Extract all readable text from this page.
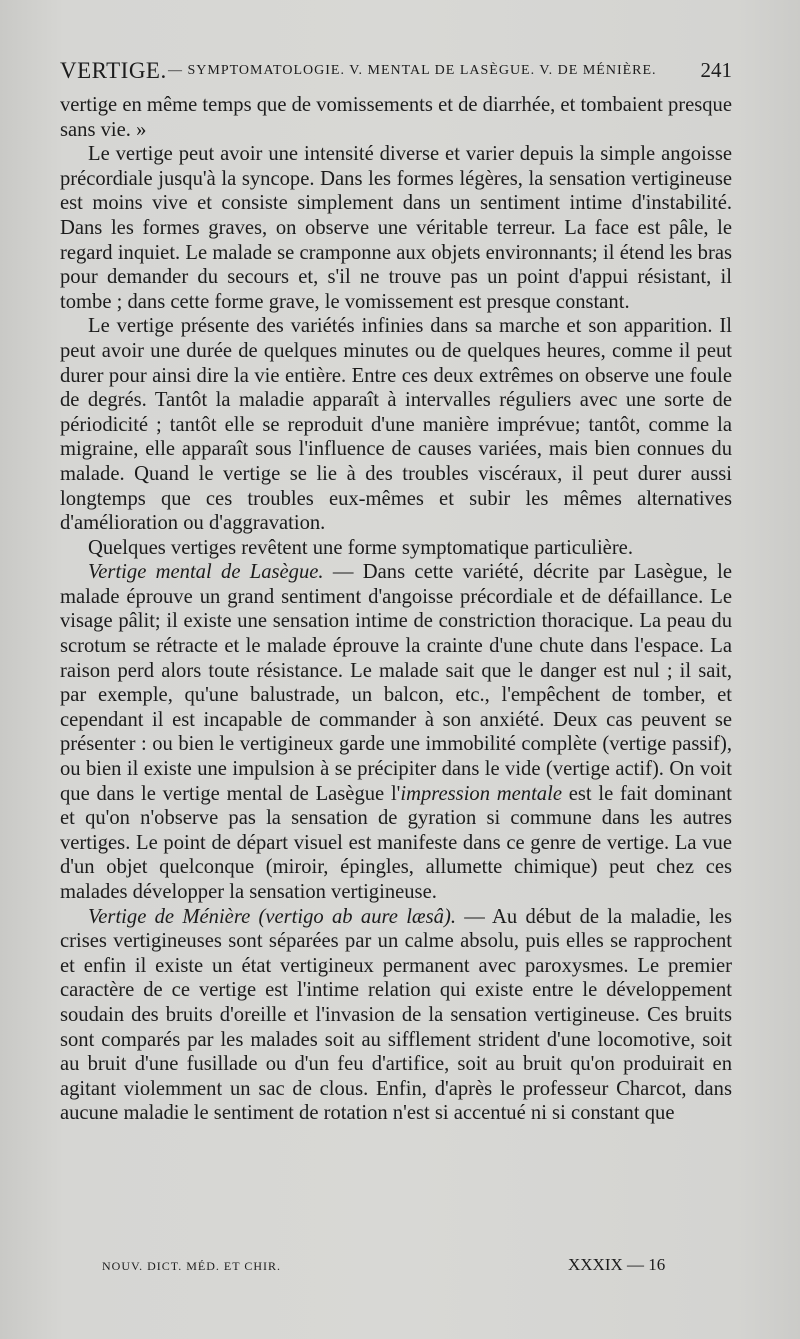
VERTIGE. — SYMPTOMATOLOGIE. V. MENTAL DE LASÈGUE. V. DE MÉNIÈRE. 241

vertige en même temps que de vomissements et de diarrhée, et tombaient presque sans vie. »

Le vertige peut avoir une intensité diverse et varier depuis la simple angoisse précordiale jusqu'à la syncope. Dans les formes légères, la sensation vertigineuse est moins vive et consiste simplement dans un sentiment intime d'instabilité. Dans les formes graves, on observe une véritable terreur. La face est pâle, le regard inquiet. Le malade se cramponne aux objets environnants; il étend les bras pour demander du secours et, s'il ne trouve pas un point d'appui résistant, il tombe ; dans cette forme grave, le vomissement est presque constant.

Le vertige présente des variétés infinies dans sa marche et son apparition. Il peut avoir une durée de quelques minutes ou de quelques heures, comme il peut durer pour ainsi dire la vie entière. Entre ces deux extrêmes on observe une foule de degrés. Tantôt la maladie apparaît à intervalles réguliers avec une sorte de périodicité ; tantôt elle se reproduit d'une manière imprévue; tantôt, comme la migraine, elle apparaît sous l'influence de causes variées, mais bien connues du malade. Quand le vertige se lie à des troubles viscéraux, il peut durer aussi longtemps que ces troubles eux-mêmes et subir les mêmes alternatives d'amélioration ou d'aggravation.

Quelques vertiges revêtent une forme symptomatique particulière.

Vertige mental de Lasègue. — Dans cette variété, décrite par Lasègue, le malade éprouve un grand sentiment d'angoisse précordiale et de défaillance. Le visage pâlit; il existe une sensation intime de constriction thoracique. La peau du scrotum se rétracte et le malade éprouve la crainte d'une chute dans l'espace. La raison perd alors toute résistance. Le malade sait que le danger est nul ; il sait, par exemple, qu'une balustrade, un balcon, etc., l'empêchent de tomber, et cependant il est incapable de commander à son anxiété. Deux cas peuvent se présenter : ou bien le vertigineux garde une immobilité complète (vertige passif), ou bien il existe une impulsion à se précipiter dans le vide (vertige actif). On voit que dans le vertige mental de Lasègue l'impression mentale est le fait dominant et qu'on n'observe pas la sensation de gyration si commune dans les autres vertiges. Le point de départ visuel est manifeste dans ce genre de vertige. La vue d'un objet quelconque (miroir, épingles, allumette chimique) peut chez ces malades développer la sensation vertigineuse.

Vertige de Ménière (vertigo ab aure læsâ). — Au début de la maladie, les crises vertigineuses sont séparées par un calme absolu, puis elles se rapprochent et enfin il existe un état vertigineux permanent avec paroxysmes. Le premier caractère de ce vertige est l'intime relation qui existe entre le développement soudain des bruits d'oreille et l'invasion de la sensation vertigineuse. Ces bruits sont comparés par les malades soit au sifflement strident d'une locomotive, soit au bruit d'une fusillade ou d'un feu d'artifice, soit au bruit qu'on produirait en agitant violemment un sac de clous. Enfin, d'après le professeur Charcot, dans aucune maladie le sentiment de rotation n'est si accentué ni si constant que

NOUV. DICT. MÉD. ET CHIR.	XXXIX — 16
